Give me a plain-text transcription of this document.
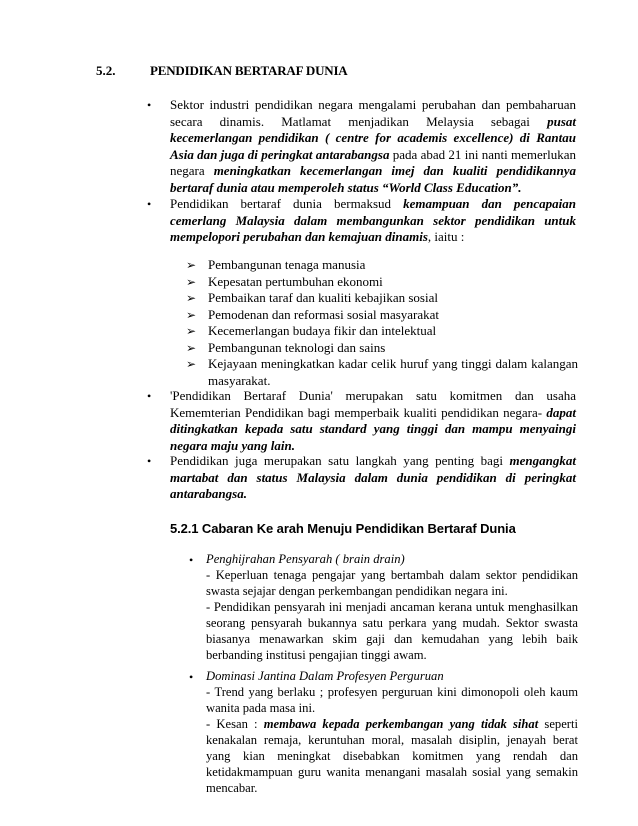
5.2.	PENDIDIKAN BERTARAF DUNIA
•	Sektor industri pendidikan negara mengalami perubahan dan pembaharuan secara dinamis. Matlamat menjadikan Melaysia sebagai pusat kecemerlangan pendidikan ( centre for academis excellence) di Rantau Asia dan juga di peringkat antarabangsa pada abad 21 ini nanti memerlukan negara meningkatkan kecemerlangan imej dan kualiti pendidikannya bertaraf dunia atau memperoleh status “World Class Education”.
•	Pendidikan bertaraf dunia bermaksud kemampuan dan pencapaian cemerlang Malaysia dalam membangunkan sektor pendidikan untuk mempelopori perubahan dan kemajuan dinamis, iaitu :
➢ Pembangunan tenaga manusia
➢ Kepesatan pertumbuhan ekonomi
➢ Pembaikan taraf dan kualiti kebajikan sosial
➢ Pemodenan dan reformasi sosial masyarakat
➢ Kecemerlangan budaya fikir dan intelektual
➢ Pembangunan teknologi dan sains
➢ Kejayaan meningkatkan kadar celik huruf yang tinggi dalam kalangan masyarakat.
•	'Pendidikan Bertaraf Dunia' merupakan satu komitmen dan usaha Kememterian Pendidikan bagi memperbaik kualiti pendidikan negara- dapat ditingkatkan kepada satu standard yang tinggi dan mampu menyaingi negara maju yang lain.
•	Pendidikan juga merupakan satu langkah yang penting bagi mengangkat martabat dan status Malaysia dalam dunia pendidikan di peringkat antarabangsa.
5.2.1 Cabaran Ke arah Menuju Pendidikan Bertaraf Dunia
• Penghijrahan Pensyarah ( brain drain)
- Keperluan tenaga pengajar yang bertambah dalam sektor pendidikan swasta sejajar dengan perkembangan pendidikan negara ini.
- Pendidikan pensyarah ini menjadi ancaman kerana untuk menghasilkan seorang pensyarah bukannya satu perkara yang mudah. Sektor swasta biasanya menawarkan skim gaji dan kemudahan yang lebih baik berbanding institusi pengajian tinggi awam.
• Dominasi Jantina Dalam Profesyen Perguruan
- Trend yang berlaku ; profesyen perguruan kini dimonopoli oleh kaum wanita pada masa ini.
- Kesan : membawa kepada perkembangan yang tidak sihat seperti kenakalan remaja, keruntuhan moral, masalah disiplin, jenayah berat yang kian meningkat disebabkan komitmen yang rendah dan ketidakmampuan guru wanita menangani masalah sosial yang semakin mencabar.
